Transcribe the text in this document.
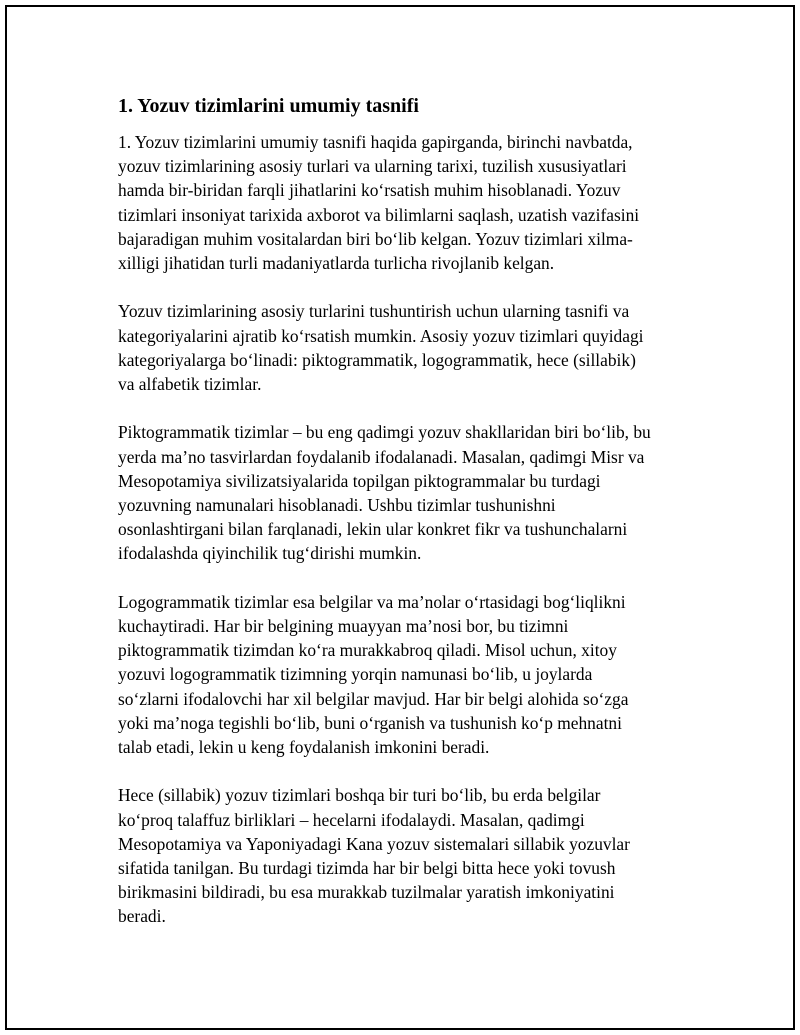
1. Yozuv tizimlarini umumiy tasnifi
1. Yozuv tizimlarini umumiy tasnifi haqida gapirganda, birinchi navbatda,
yozuv tizimlarining asosiy turlari va ularning tarixi, tuzilish xususiyatlari
hamda bir-biridan farqli jihatlarini ko‘rsatish muhim hisoblanadi. Yozuv
tizimlari insoniyat tarixida axborot va bilimlarni saqlash, uzatish vazifasini
bajaradigan muhim vositalardan biri bo‘lib kelgan. Yozuv tizimlari xilma-
xilligi jihatidan turli madaniyatlarda turlicha rivojlanib kelgan.
Yozuv tizimlarining asosiy turlarini tushuntirish uchun ularning tasnifi va
kategoriyalarini ajratib ko‘rsatish mumkin. Asosiy yozuv tizimlari quyidagi
kategoriyalarga bo‘linadi: piktogrammatik, logogrammatik, hece (sillabik)
va alfabetik tizimlar.
Piktogrammatik tizimlar – bu eng qadimgi yozuv shakllaridan biri bo‘lib, bu
yerda ma’no tasvirlardan foydalanib ifodalanadi. Masalan, qadimgi Misr va
Mesopotamiya sivilizatsiyalarida topilgan piktogrammalar bu turdagi
yozuvning namunalari hisoblanadi. Ushbu tizimlar tushunishni
osonlashtirgani bilan farqlanadi, lekin ular konkret fikr va tushunchalarni
ifodalashda qiyinchilik tug‘dirishi mumkin.
Logogrammatik tizimlar esa belgilar va ma’nolar o‘rtasidagi bog‘liqlikni
kuchaytiradi. Har bir belgining muayyan ma’nosi bor, bu tizimni
piktogrammatik tizimdan ko‘ra murakkabroq qiladi. Misol uchun, xitoy
yozuvi logogrammatik tizimning yorqin namunasi bo‘lib, u joylarda
so‘zlarni ifodalovchi har xil belgilar mavjud. Har bir belgi alohida so‘zga
yoki ma’noga tegishli bo‘lib, buni o‘rganish va tushunish ko‘p mehnatni
talab etadi, lekin u keng foydalanish imkonini beradi.
Hece (sillabik) yozuv tizimlari boshqa bir turi bo‘lib, bu erda belgilar
ko‘proq talaffuz birliklari – hecelarni ifodalaydi. Masalan, qadimgi
Mesopotamiya va Yaponiyadagi Kana yozuv sistemalari sillabik yozuvlar
sifatida tanilgan. Bu turdagi tizimda har bir belgi bitta hece yoki tovush
birikmasini bildiradi, bu esa murakkab tuzilmalar yaratish imkoniyatini
beradi.
